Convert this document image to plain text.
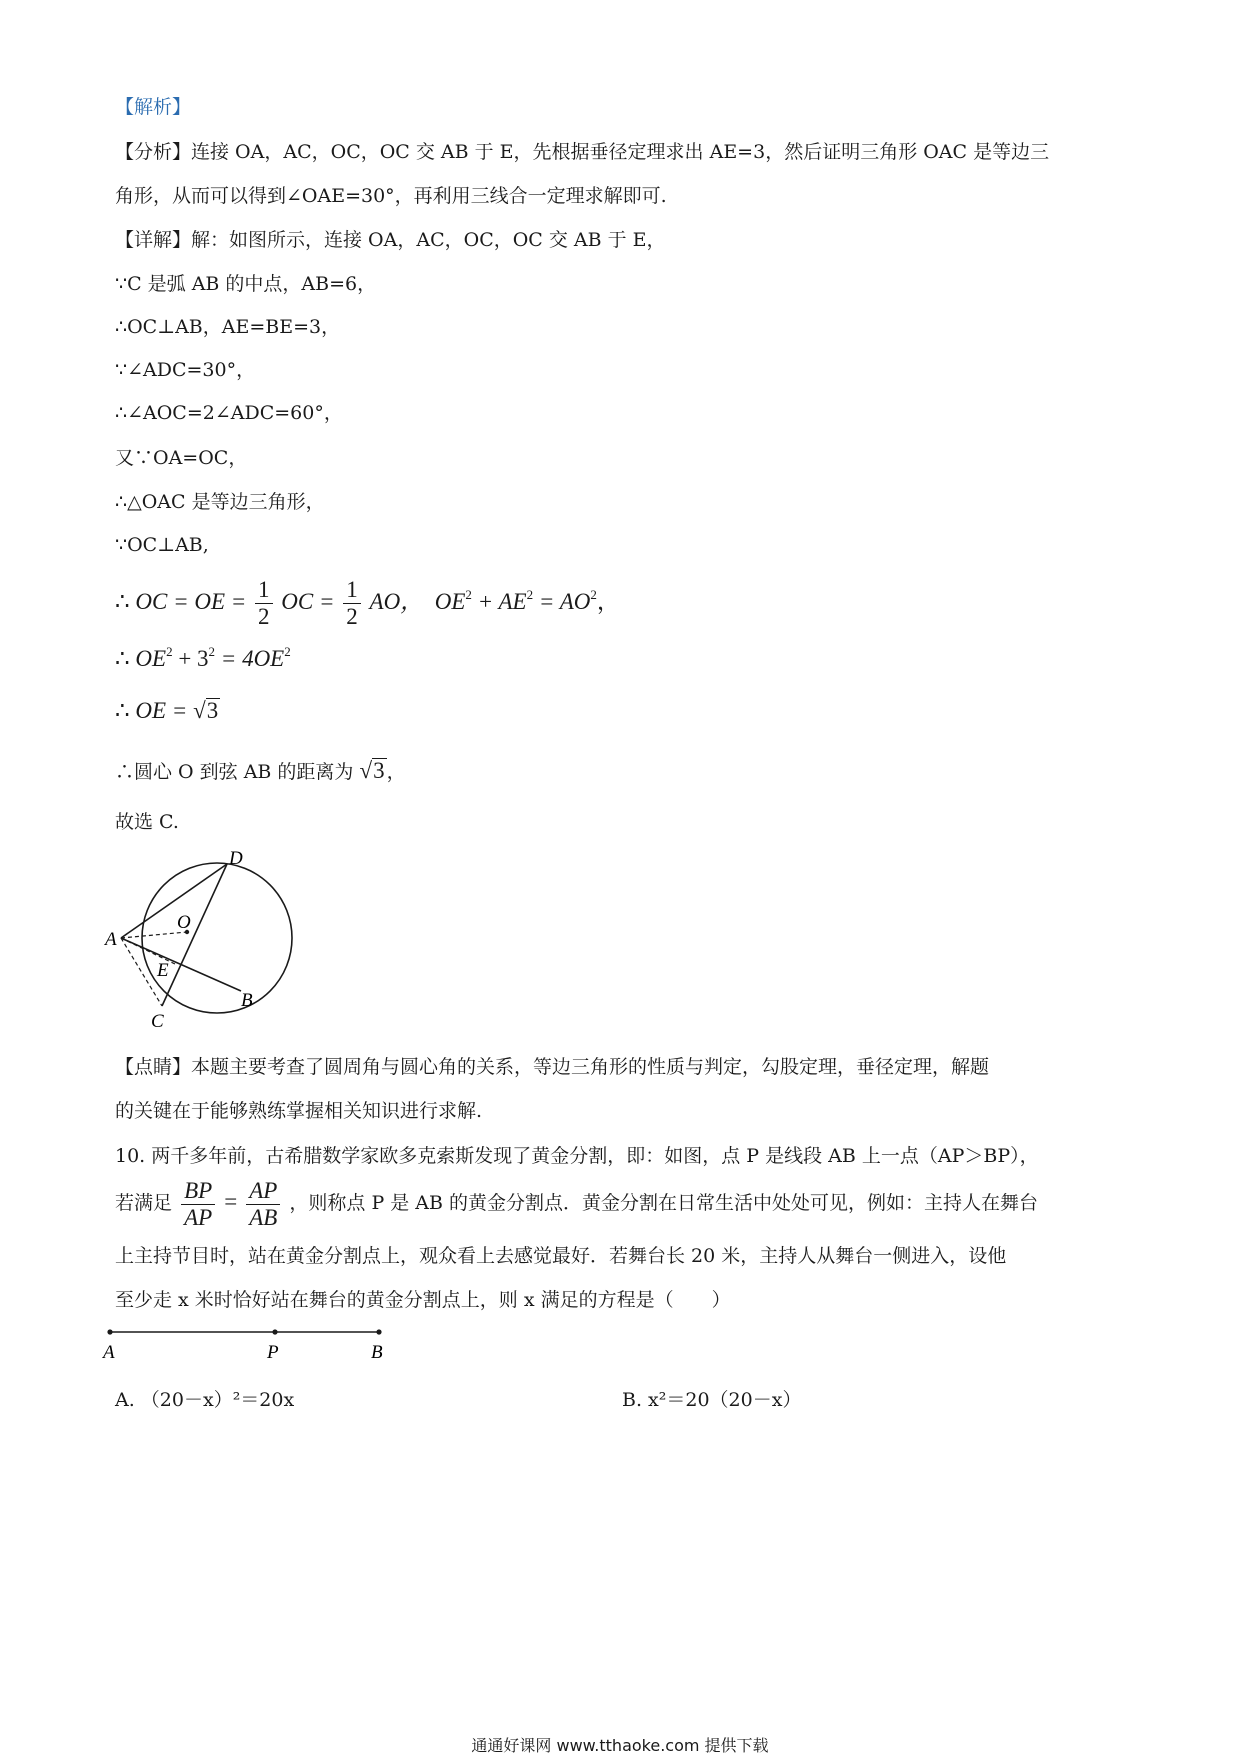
【解析】
【分析】连接 OA，AC，OC，OC 交 AB 于 E，先根据垂径定理求出 AE=3，然后证明三角形 OAC 是等边三
角形，从而可以得到∠OAE=30°，再利用三线合一定理求解即可.
【详解】解：如图所示，连接 OA，AC，OC，OC 交 AB 于 E，
∵C 是弧 AB 的中点，AB=6，
∴OC⊥AB，AE=BE=3，
∵∠ADC=30°，
∴∠AOC=2∠ADC=60°，
又∵OA=OC，
∴△OAC 是等边三角形，
∵OC⊥AB,
∴ OC = OE = $\frac{1}{2}$ OC = $\frac{1}{2}$ AO， $OE^2 + AE^2 = AO^2$，
∴ $OE^2 + 3^2 = 4OE^2$
∴ OE = √3
∴圆心 O 到弦 AB 的距离为 √3 ，
故选 C.
A
D
O
E
B
C
【点睛】本题主要考查了圆周角与圆心角的关系，等边三角形的性质与判定，勾股定理，垂径定理，解题
的关键在于能够熟练掌握相关知识进行求解.
10. 两千多年前，古希腊数学家欧多克索斯发现了黄金分割，即：如图，点 P 是线段 AB 上一点（AP＞BP），
若满足 $\frac{BP}{AP} = \frac{AP}{AB}$ ，则称点 P 是 AB 的黄金分割点．黄金分割在日常生活中处处可见，例如：主持人在舞台
上主持节目时，站在黄金分割点上，观众看上去感觉最好．若舞台长 20 米，主持人从舞台一侧进入，设他
至少走 x 米时恰好站在舞台的黄金分割点上，则 x 满足的方程是（　　）
A	P	B
A. （20－x）²＝20x	B. x²＝20（20－x）
通通好课网 www.tthaoke.com 提供下载
